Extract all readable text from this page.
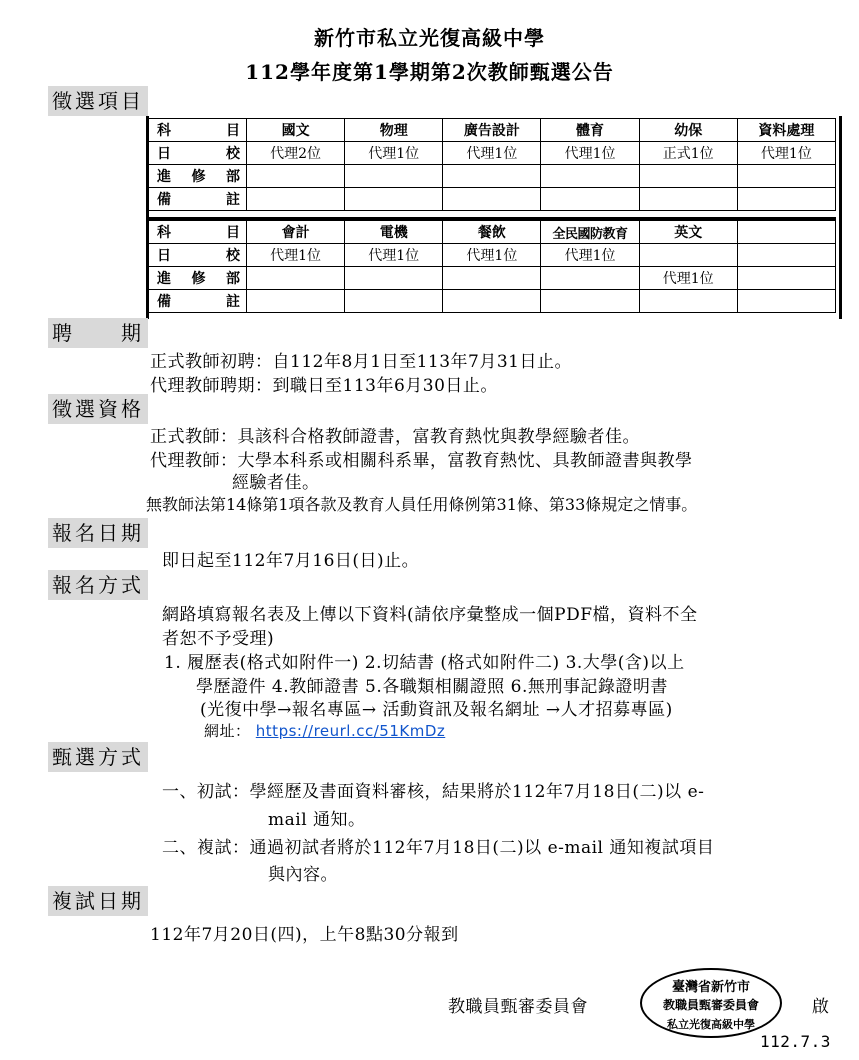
新竹市私立光復高級中學
112學年度第1學期第2次教師甄選公告
徵選項目
科目	國文	物理	廣告設計	體育	幼保	資料處理
日校	代理2位	代理1位	代理1位	代理1位	正式1位	代理1位
進修部						
備註						
科目	會計	電機	餐飲	全民國防教育	英文	
日校	代理1位	代理1位	代理1位	代理1位		
進修部					代理1位	
備註						
聘　　期
正式教師初聘：自112年8月1日至113年7月31日止。
代理教師聘期：到職日至113年6月30日止。
徵選資格
正式教師：具該科合格教師證書，富教育熱忱與教學經驗者佳。
代理教師：大學本科系或相關科系畢，富教育熱忱、具教師證書與教學
經驗者佳。
無教師法第14條第1項各款及教育人員任用條例第31條、第33條規定之情事。
報名日期
即日起至112年7月16日(日)止。
報名方式
網路填寫報名表及上傳以下資料(請依序彙整成一個PDF檔，資料不全
者恕不予受理)
1. 履歷表(格式如附件一) 2.切結書 (格式如附件二) 3.大學(含)以上
學歷證件 4.教師證書 5.各職類相關證照 6.無刑事記錄證明書
(光復中學→報名專區→ 活動資訊及報名網址 →人才招募專區)
網址： https://reurl.cc/51KmDz
甄選方式
一、初試：學經歷及書面資料審核，結果將於112年7月18日(二)以 e-
mail 通知。
二、複試：通過初試者將於112年7月18日(二)以 e-mail 通知複試項目
與內容。
複試日期
112年7月20日(四)，上午8點30分報到
教職員甄審委員會
臺灣省新竹市
教職員甄審委員會
私立光復高級中學
啟
112.7.3
